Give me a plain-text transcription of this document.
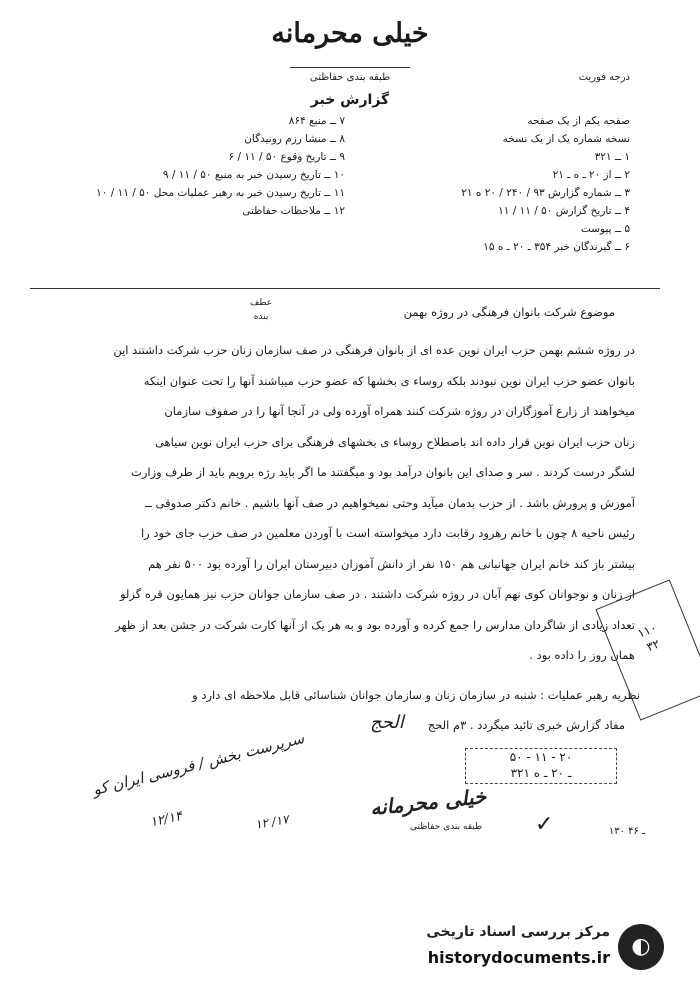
خیلی محرمانه
طبقه بندی حفاظتی
گزارش خبر
درجه فوریت
صفحه یکم از یک صفحه
نسخه شماره یک از یک نسخه
۱ ــ ۳۲۱
۲ ــ از ۲۰ ـ ه ـ ۲۱
۳ ــ شماره گزارش ۹۳ / ۲۴۰ / ۲۰ ه ۲۱
۴ ــ تاریخ گزارش ۵۰ / ۱۱ / ۱۱
۵ ــ پیوست
۶ ــ گیرندگان خبر ۳۵۴ ـ ۲۰ ـ ه ۱۵
۷ ــ منبع ۸۶۴
۸ ــ منشا رزم رونیدگان
۹ ــ تاریخ وقوع ۵۰ / ۱۱ / ۶
۱۰ ــ تاریخ رسیدن خبر به منبع ۵۰ / ۱۱ / ۹
۱۱ ــ تاریخ رسیدن خبر به رهبر عملیات محل ۵۰ / ۱۱ / ۱۰
۱۲ ــ ملاحظات حفاظتی
عطف
بنده	موضوع شرکت بانوان فرهنگی در روژه بهمن

در روژه ششم بهمن حزب ایران نوین عده ای از بانوان فرهنگی در صف سازمان زنان حزب شرکت داشتند این

بانوان عضو حزب ایران نوین نبودند بلکه روساء ی بخشها که عضو حزب میباشند آنها را تحت عنوان اینکه

میخواهند از زارع آموزگاران در روژه شرکت کنند همراه آورده ولی در آنجا آنها را در صفوف سازمان

زنان حزب ایران نوین قرار داده اند باصطلاح روساء ی بخشهای فرهنگی برای حزب ایران نوین سیاهی

لشگر درست کردند . سر و صدای این بانوان درآمد بود و میگفتند ما اگر باید رژه برویم باید از طرف وزارت

آموزش و پرورش باشد . از حزب بدمان میآید وحتی نمیخواهیم در صف آنها باشیم . خانم دکتر صدوقی ــ

رئیس ناحیه ۸ چون با خانم رهرود رقابت دارد میخواسته است با آوردن معلمین در صف حزب جای خود را

بیشتر باز کند خانم ایران جهانبانی هم ۱۵۰ نفر از دانش آموزان دبیرستان ایران را آورده بود ۵۰۰ نفر هم

از زنان و نوجوانان کوی نهم آبان در روژه شرکت داشتند . در صف سازمان جوانان حزب نیز همایون قره گزلو

تعداد زیادی از شاگردان مدارس را جمع کرده و آورده بود و به هر یک از آنها کارت شرکت در جشن بعد از ظهر

همان روز را داده بود .

نظریه رهبر عملیات : شنبه در سازمان زنان و سازمان جوانان شناسائی قابل ملاحظه ای دارد و
مفاد گزارش خبری تائید میگردد . ۳م الحج
الحج
سرپرست بخش / فروسی ایران کو
۱۲/۱۴	۱۲ /۱۷
خیلی محرمانه
طبقه بندی حفاظتی
۵۰ - ۱۱ - ۲۰
۳۲۱ ـ ۲۰ ـ ه
۱۱۰
۳۲
✓	۱۳۰ ـ ۴۶
◐
مرکز بررسی اسناد تاریخی
historydocuments.ir
